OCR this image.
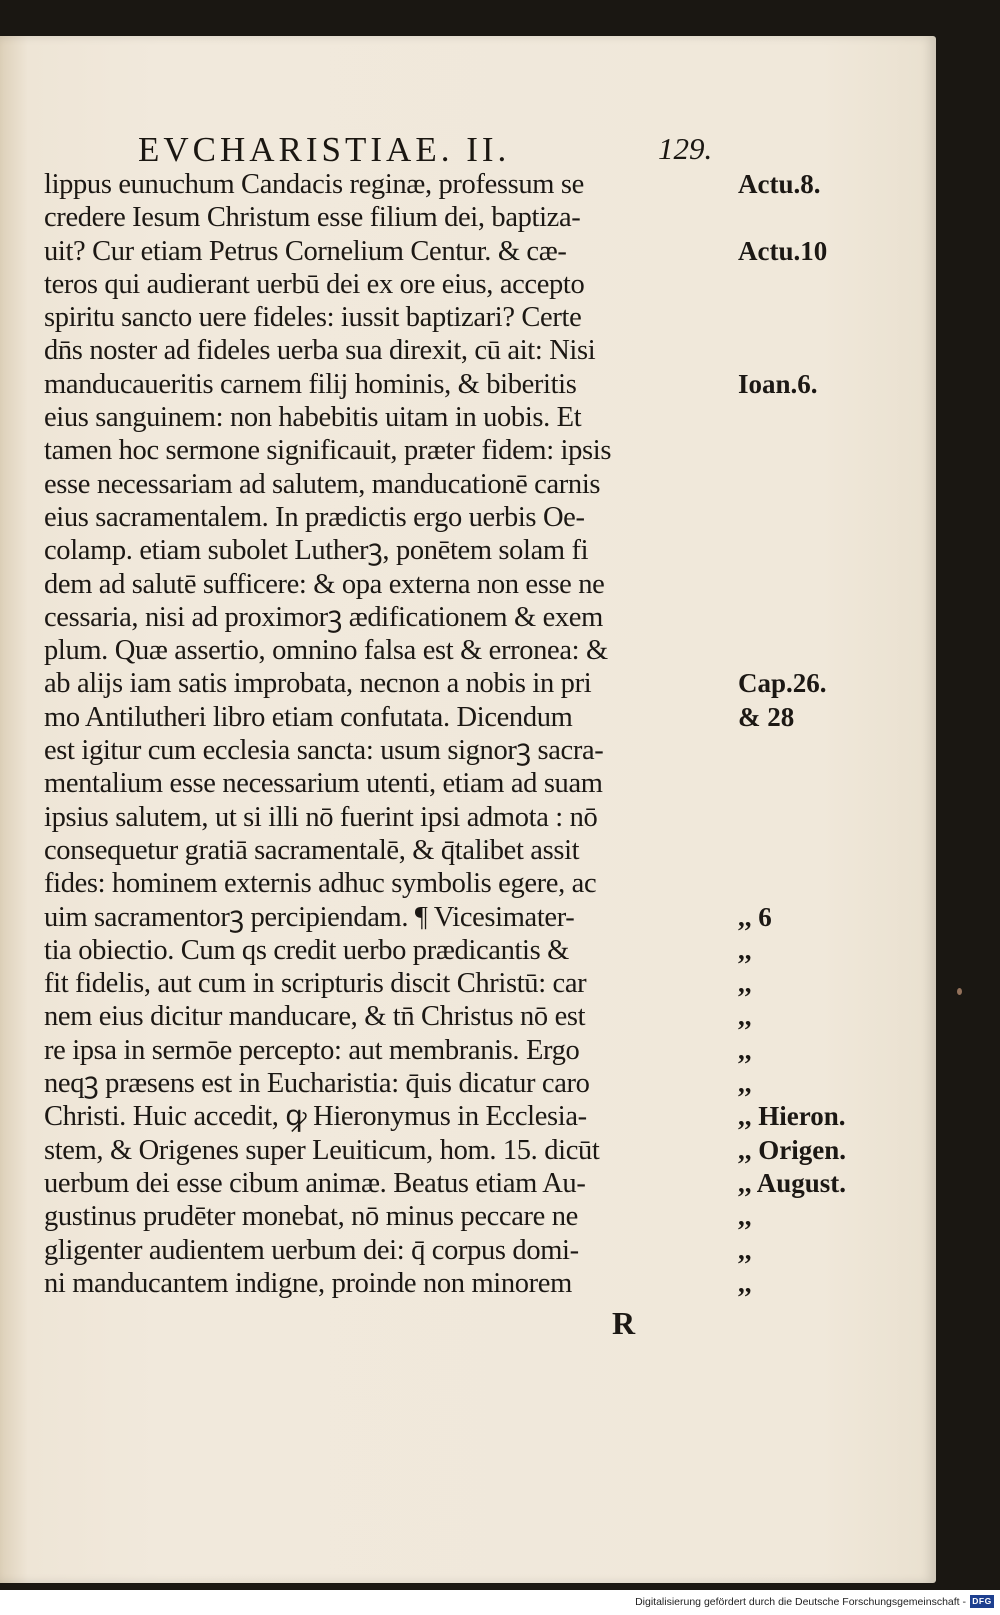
EVCHARISTIAE. II.	129.
lippus eunuchum Candacis reginæ, professum se
credere Iesum Christum esse filium dei, baptiza-
uit? Cur etiam Petrus Cornelium Centur. & cæ-
teros qui audierant uerbū dei ex ore eius, accepto
spiritu sancto uere fideles: iussit baptizari? Certe
dn̄s noster ad fideles uerba sua direxit, cū ait: Nisi
manducaueritis carnem filij hominis, & biberitis
eius sanguinem: non habebitis uitam in uobis. Et
tamen hoc sermone significauit, præter fidem: ipsis
esse necessariam ad salutem, manducationē carnis
eius sacramentalem. In prædictis ergo uerbis Oe-
colamp. etiam subolet Lutherꝫ, ponētem solam fi
dem ad salutē sufficere: & opa externa non esse ne
cessaria, nisi ad proximorꝫ ædificationem & exem
plum. Quæ assertio, omnino falsa est & erronea: &
ab alijs iam satis improbata, necnon a nobis in pri
mo Antilutheri libro etiam confutata. Dicendum
est igitur cum ecclesia sancta: usum signorꝫ sacra-
mentalium esse necessarium utenti, etiam ad suam
ipsius salutem, ut si illi nō fuerint ipsi admota : nō
consequetur gratiā sacramentalē, & q̄talibet assit
fides: hominem externis adhuc symbolis egere, ac
uim sacramentorꝫ percipiendam. ¶ Vicesimater-
tia obiectio. Cum qs credit uerbo prædicantis &
fit fidelis, aut cum in scripturis discit Christū: car
nem eius dicitur manducare, & tn̄ Christus nō est
re ipsa in sermōe percepto: aut membranis. Ergo
neqꝫ præsens est in Eucharistia: q̄uis dicatur caro
Christi. Huic accedit, ꝙ Hieronymus in Ecclesia-
stem, & Origenes super Leuiticum, hom. 15. dicūt
uerbum dei esse cibum animæ. Beatus etiam Au-
gustinus prudēter monebat, nō minus peccare ne
gligenter audientem uerbum dei: q̄ corpus domi-
ni manducantem indigne, proinde non minorem
Actu.8.
Actu.10
Ioan.6.
Cap.26.
& 28
,, 6
,,
,,
,,
,,
,,
,, Hieron.
,, Origen.
,, August.
,,
,,
,,
R
Digitalisierung gefördert durch die Deutsche Forschungsgemeinschaft - DFG
